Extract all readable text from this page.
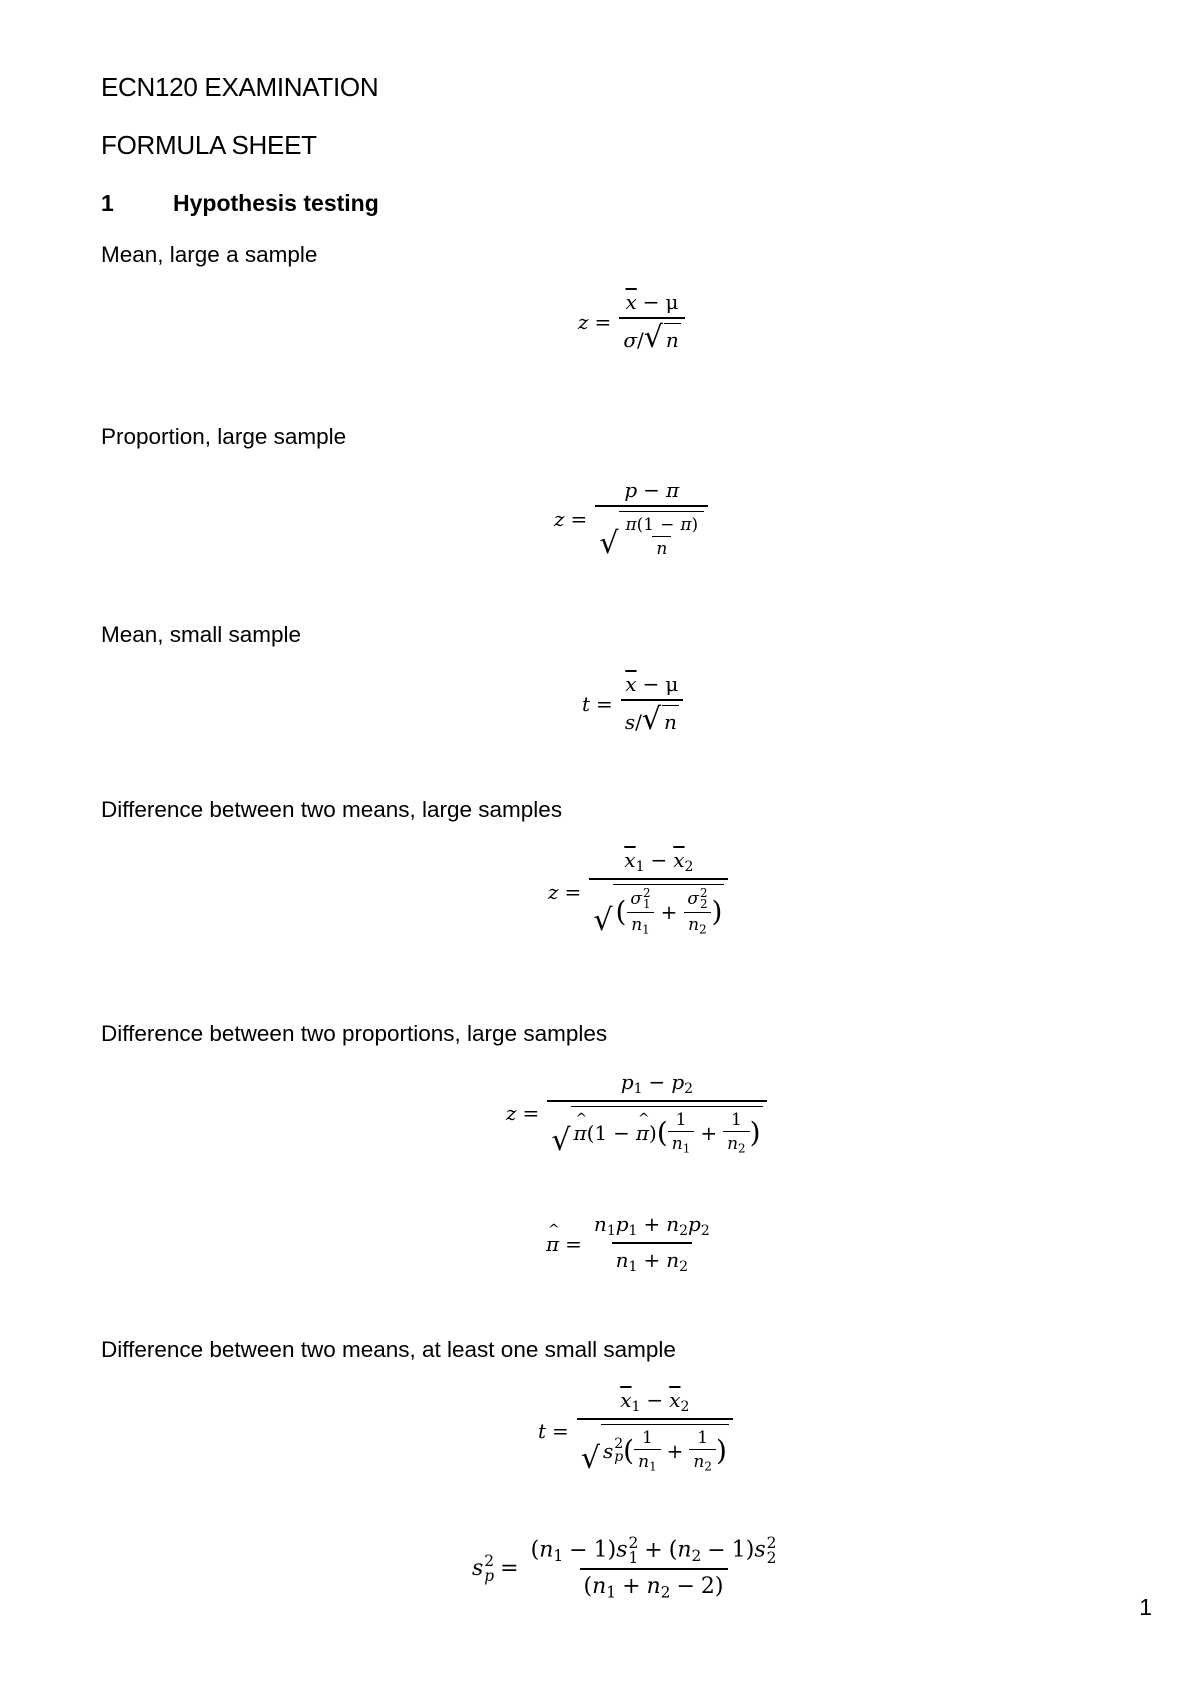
ECN120 EXAMINATION
FORMULA SHEET
1	Hypothesis testing
Mean, large a sample
$z = \frac{\overline{x} - \mu}{\sigma/ √ n}$
Proportion, large sample
$z = \frac{p - \pi}{√ \frac{\pi(1 - \pi)}{n}}$
Mean, small sample
$t = \frac{\overline{x} - \mu}{s/ √ n}$
Difference between two means, large samples
$z = \overline{x}_1 - \overline{x}_2$
√ ( σ 2
1
$n_1 + \sigma$ 2
2
$n_2$ )
Difference between two proportions, large samples
z =
$p_1 - p_2$
√ ^ π (1 − ^ π ) ( $\frac{1}{n_1} + \frac{1}{n_2}$ )
^ $\pi = \frac{n_1p_1 + n_2p_2}{n_1 + n_2}$
Difference between two means, at least one small sample
t =
$\overline{x}_1 - \overline{x}_2$
√ s 2
p ( $\frac{1}{n_1} + \frac{1}{n_2}$ )
s 2
$p = (n_1 - 1)s$ 2
$1 + (n_2 - 1)s$ 2
2
$(n_1 + n_2 - 2)$
1
